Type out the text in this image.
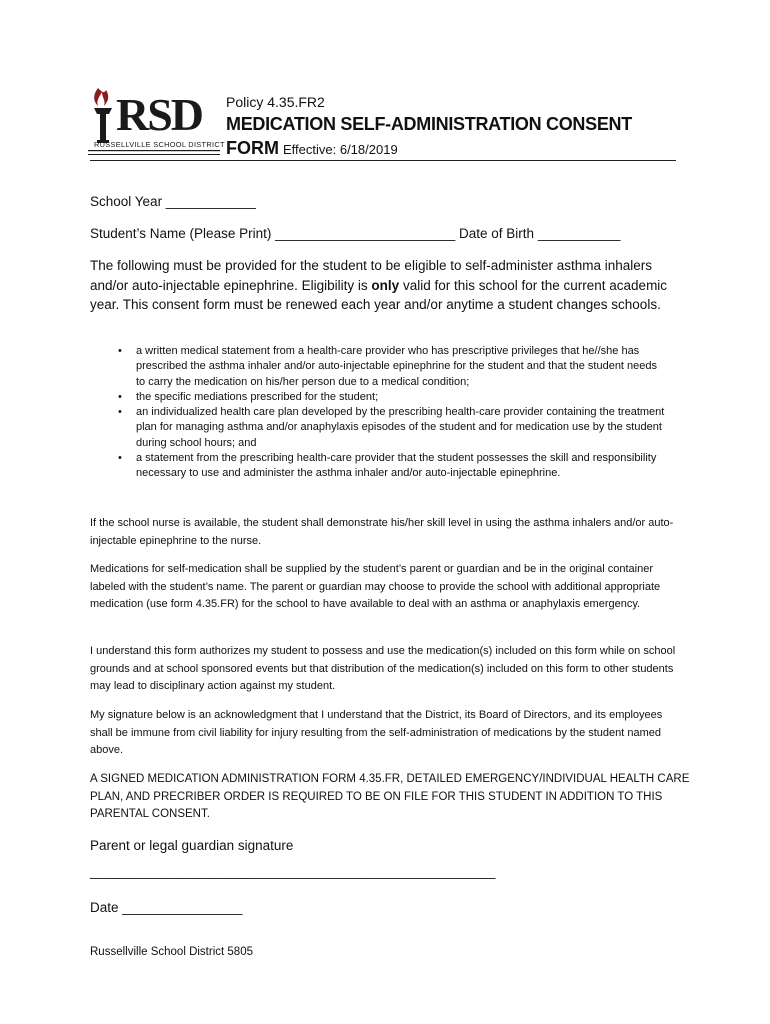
RSD
RUSSELLVILLE SCHOOL DISTRICT
Policy 4.35.FR2
MEDICATION SELF-ADMINISTRATION CONSENT
FORM Effective: 6/18/2019
School Year ____________
Student’s Name (Please Print) ________________________ Date of Birth ___________
The following must be provided for the student to be eligible to self-administer asthma inhalers and/or auto-injectable epinephrine. Eligibility is only valid for this school for the current academic year. This consent form must be renewed each year and/or anytime a student changes schools.
• a written medical statement from a health-care provider who has prescriptive privileges that he//she has prescribed the asthma inhaler and/or auto-injectable epinephrine for the student and that the student needs to carry the medication on his/her person due to a medical condition;
• the specific mediations prescribed for the student;
• an individualized health care plan developed by the prescribing health-care provider containing the treatment plan for managing asthma and/or anaphylaxis episodes of the student and for medication use by the student during school hours; and
• a statement from the prescribing health-care provider that the student possesses the skill and responsibility necessary to use and administer the asthma inhaler and/or auto-injectable epinephrine.
If the school nurse is available, the student shall demonstrate his/her skill level in using the asthma inhalers and/or auto-injectable epinephrine to the nurse.
Medications for self-medication shall be supplied by the student’s parent or guardian and be in the original container labeled with the student’s name. The parent or guardian may choose to provide the school with additional appropriate medication (use form 4.35.FR) for the school to have available to deal with an asthma or anaphylaxis emergency.
I understand this form authorizes my student to possess and use the medication(s) included on this form while on school grounds and at school sponsored events but that distribution of the medication(s) included on this form to other students may lead to disciplinary action against my student.
My signature below is an acknowledgment that I understand that the District, its Board of Directors, and its employees shall be immune from civil liability for injury resulting from the self-administration of medications by the student named above.
A SIGNED MEDICATION ADMINISTRATION FORM 4.35.FR, DETAILED EMERGENCY/INDIVIDUAL HEALTH CARE PLAN, AND PRECRIBER ORDER IS REQUIRED TO BE ON FILE FOR THIS STUDENT IN ADDITION TO THIS PARENTAL CONSENT.
Parent or legal guardian signature
______________________________________________________
Date ________________
Russellville School District 5805
